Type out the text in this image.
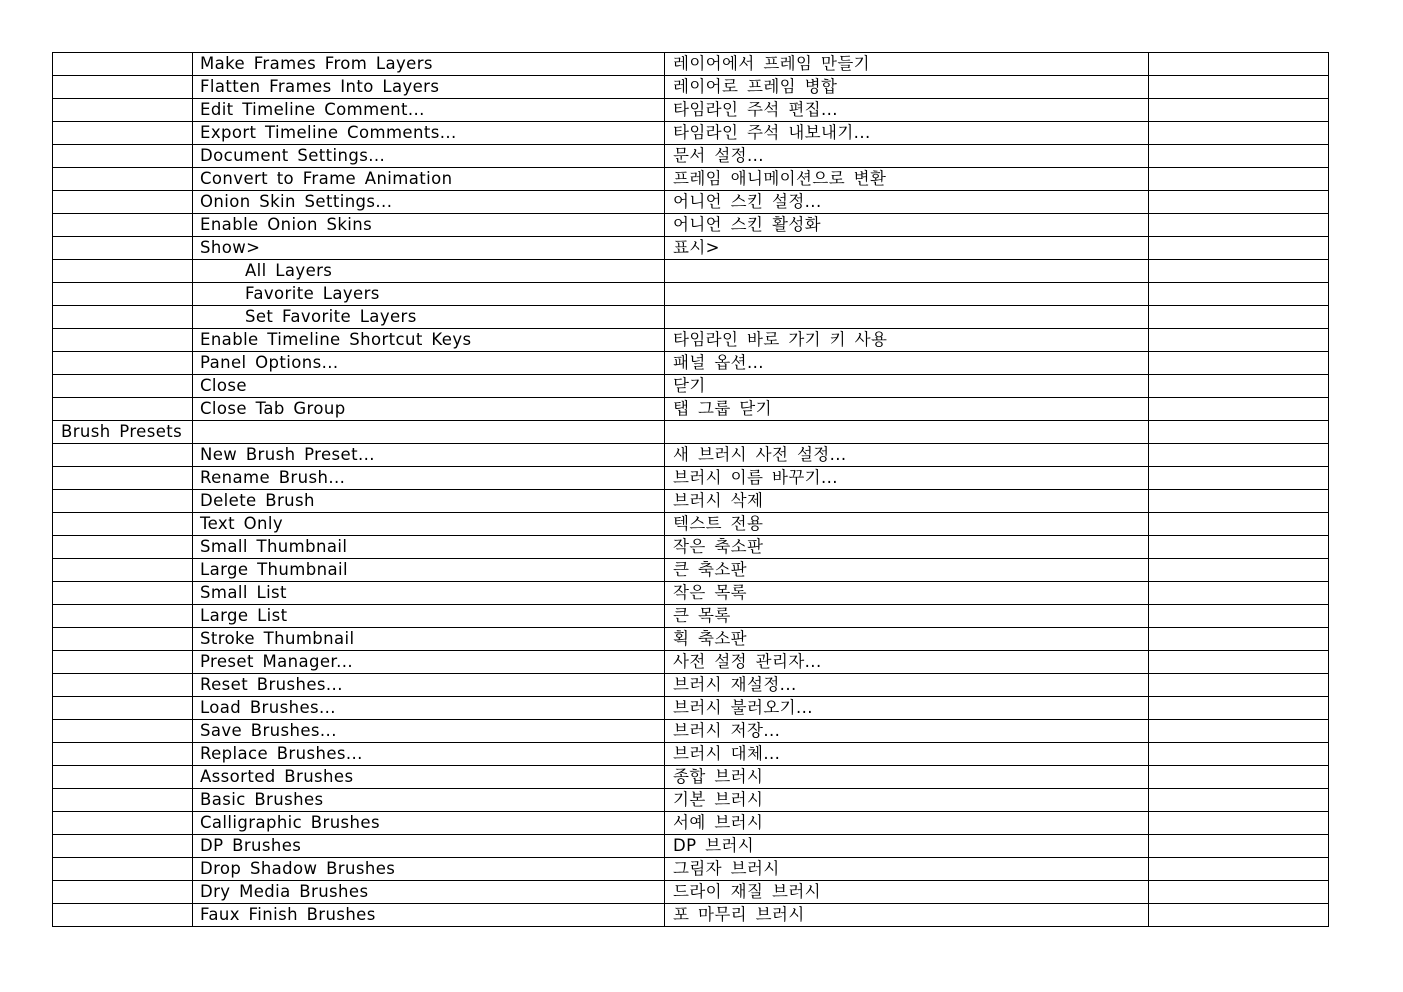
	Make Frames From Layers	레이어에서 프레임 만들기	
	Flatten Frames Into Layers	레이어로 프레임 병합	
	Edit Timeline Comment...	타임라인 주석 편집...	
	Export Timeline Comments...	타임라인 주석 내보내기...	
	Document Settings...	문서 설정...	
	Convert to Frame Animation	프레임 애니메이션으로 변환	
	Onion Skin Settings...	어니언 스킨 설정...	
	Enable Onion Skins	어니언 스킨 활성화	
	Show>	표시>	
	All Layers		
	Favorite Layers		
	Set Favorite Layers		
	Enable Timeline Shortcut Keys	타임라인 바로 가기 키 사용	
	Panel Options...	패널 옵션...	
	Close	닫기	
	Close Tab Group	탭 그룹 닫기	
Brush Presets			
	New Brush Preset...	새 브러시 사전 설정...	
	Rename Brush...	브러시 이름 바꾸기...	
	Delete Brush	브러시 삭제	
	Text Only	텍스트 전용	
	Small Thumbnail	작은 축소판	
	Large Thumbnail	큰 축소판	
	Small List	작은 목록	
	Large List	큰 목록	
	Stroke Thumbnail	획 축소판	
	Preset Manager...	사전 설정 관리자...	
	Reset Brushes...	브러시 재설정...	
	Load Brushes...	브러시 불러오기...	
	Save Brushes...	브러시 저장...	
	Replace Brushes...	브러시 대체...	
	Assorted Brushes	종합 브러시	
	Basic Brushes	기본 브러시	
	Calligraphic Brushes	서예 브러시	
	DP Brushes	DP 브러시	
	Drop Shadow Brushes	그림자 브러시	
	Dry Media Brushes	드라이 재질 브러시	
	Faux Finish Brushes	포 마무리 브러시	
